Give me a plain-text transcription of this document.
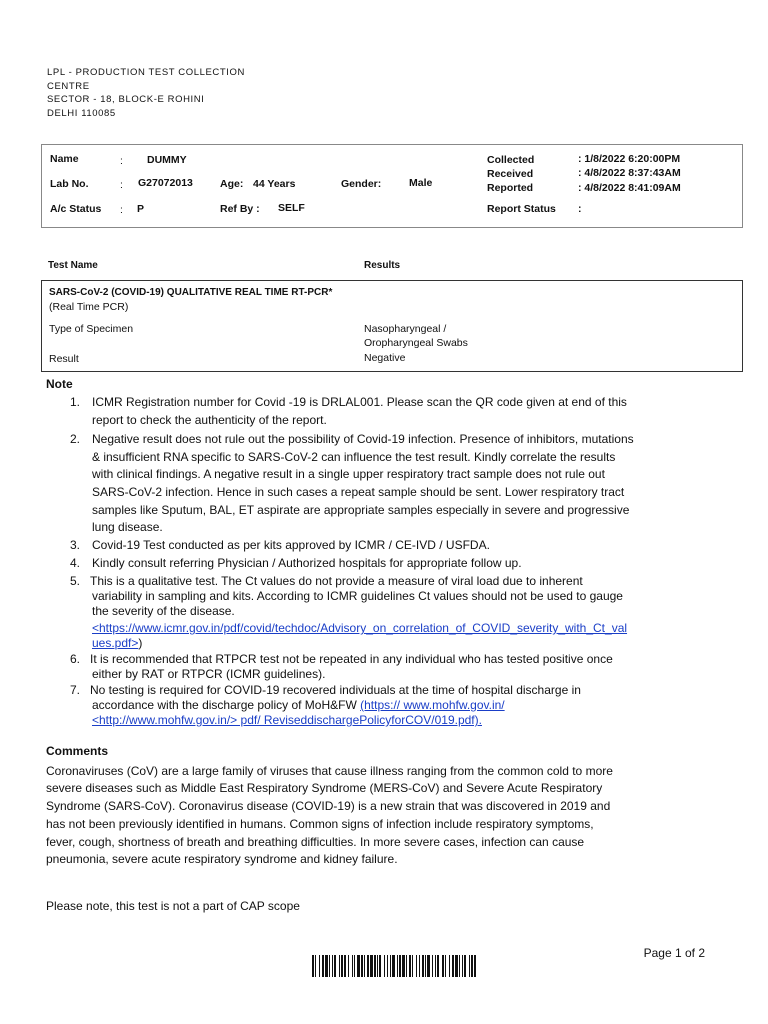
LPL - PRODUCTION TEST COLLECTION
CENTRE
SECTOR - 18, BLOCK-E ROHINI
DELHI 110085
Name	: DUMMY
Lab No.	: G27072013	Age: 44 Years	Gender:	Male
A/c Status : P	Ref By : SELF
Collected	: 1/8/2022 6:20:00PM
Received	: 4/8/2022 8:37:43AM
Reported	: 4/8/2022 8:41:09AM
Report Status :
Test Name	Results
SARS-CoV-2 (COVID-19) QUALITATIVE REAL TIME RT-PCR*
(Real Time PCR)
Type of Specimen	Nasopharyngeal /
Oropharyngeal Swabs
Result	Negative
Note
1. ICMR Registration number for Covid -19 is DRLAL001. Please scan the QR code given at end of this
report to check the authenticity of the report.
2. Negative result does not rule out the possibility of Covid-19 infection. Presence of inhibitors, mutations
& insufficient RNA specific to SARS-CoV-2 can influence the test result. Kindly correlate the results
with clinical findings. A negative result in a single upper respiratory tract sample does not rule out
SARS-CoV-2 infection. Hence in such cases a repeat sample should be sent. Lower respiratory tract
samples like Sputum, BAL, ET aspirate are appropriate samples especially in severe and progressive
lung disease.
3. Covid-19 Test conducted as per kits approved by ICMR / CE-IVD / USFDA.
4. Kindly consult referring Physician / Authorized hospitals for appropriate follow up.
5. This is a qualitative test. The Ct values do not provide a measure of viral load due to inherent
variability in sampling and kits. According to ICMR guidelines Ct values should not be used to gauge
the severity of the disease.
<https://www.icmr.gov.in/pdf/covid/techdoc/Advisory_on_correlation_of_COVID_severity_with_Ct_val
ues.pdf>)
6. It is recommended that RTPCR test not be repeated in any individual who has tested positive once
either by RAT or RTPCR (ICMR guidelines).
7. No testing is required for COVID-19 recovered individuals at the time of hospital discharge in
accordance with the discharge policy of MoH&FW (https:// www.mohfw.gov.in/
<http://www.mohfw.gov.in/> pdf/ ReviseddischargePolicyforCOV/019.pdf).
Comments
Coronaviruses (CoV) are a large family of viruses that cause illness ranging from the common cold to more
severe diseases such as Middle East Respiratory Syndrome (MERS-CoV) and Severe Acute Respiratory
Syndrome (SARS-CoV). Coronavirus disease (COVID-19) is a new strain that was discovered in 2019 and
has not been previously identified in humans. Common signs of infection include respiratory symptoms,
fever, cough, shortness of breath and breathing difficulties. In more severe cases, infection can cause
pneumonia, severe acute respiratory syndrome and kidney failure.
Please note, this test is not a part of CAP scope
Page 1 of 2
